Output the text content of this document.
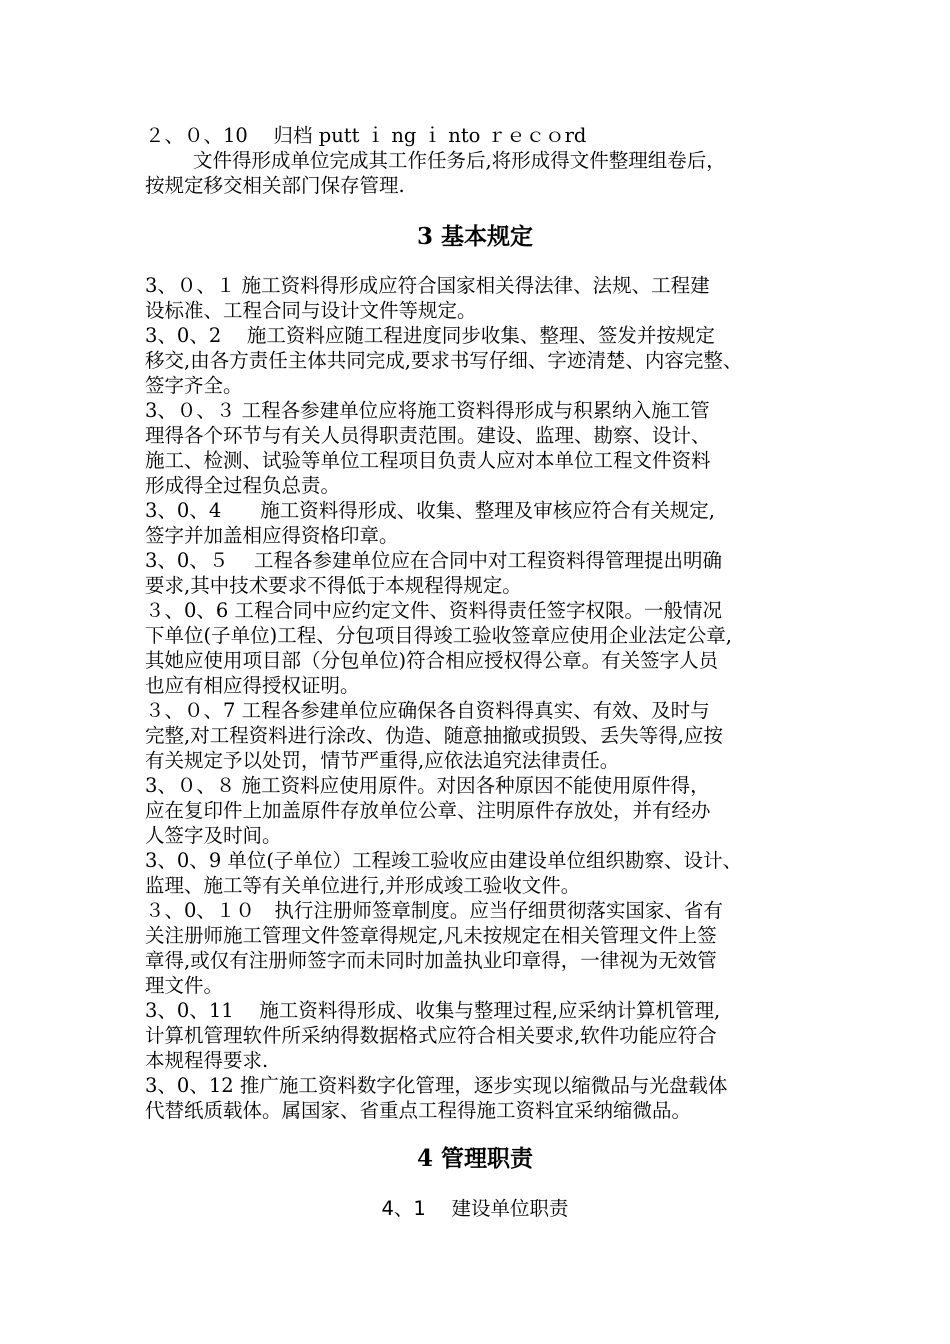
２、０、10　 归档 putt ｉ ng ｉ nto ｒｅｃｏrd
文件得形成单位完成其工作任务后,将形成得文件整理组卷后，
按规定移交相关部门保存管理.
3 基本规定
3、０、１ 施工资料得形成应符合国家相关得法律、法规、工程建
设标准、工程合同与设计文件等规定。
3、0、2　 施工资料应随工程进度同步收集、整理、签发并按规定
移交,由各方责任主体共同完成,要求书写仔细、字迹清楚、内容完整、
签字齐全。
3、０、３ 工程各参建单位应将施工资料得形成与积累纳入施工管
理得各个环节与有关人员得职责范围。建设、监理、勘察、设计、
施工、检测、试验等单位工程项目负责人应对本单位工程文件资料
形成得全过程负总责。
3、0、4　　施工资料得形成、收集、整理及审核应符合有关规定,
签字并加盖相应得资格印章。
3、0、５　 工程各参建单位应在合同中对工程资料得管理提出明确
要求,其中技术要求不得低于本规程得规定。
３、0、6 工程合同中应约定文件、资料得责任签字权限。一般情况
下单位(子单位)工程、分包项目得竣工验收签章应使用企业法定公章,
其她应使用项目部（分包单位)符合相应授权得公章。有关签字人员
也应有相应得授权证明。
３、０、7 工程各参建单位应确保各自资料得真实、有效、及时与
完整,对工程资料进行涂改、伪造、随意抽撤或损毁、丢失等得,应按
有关规定予以处罚，情节严重得,应依法追究法律责任。
3、０、８ 施工资料应使用原件。对因各种原因不能使用原件得，
应在复印件上加盖原件存放单位公章、注明原件存放处，并有经办
人签字及时间。
3、0、9 单位(子单位）工程竣工验收应由建设单位组织勘察、设计、
监理、施工等有关单位进行,并形成竣工验收文件。
３、0、１０　执行注册师签章制度。应当仔细贯彻落实国家、省有
关注册师施工管理文件签章得规定,凡未按规定在相关管理文件上签
章得,或仅有注册师签字而未同时加盖执业印章得，一律视为无效管
理文件。
3、0、11　 施工资料得形成、收集与整理过程,应采纳计算机管理,
计算机管理软件所采纳得数据格式应符合相关要求,软件功能应符合
本规程得要求.
3、0、12 推广施工资料数字化管理，逐步实现以缩微品与光盘载体
代替纸质载体。属国家、省重点工程得施工资料宜采纳缩微品。
4 管理职责
4、1　 建设单位职责
